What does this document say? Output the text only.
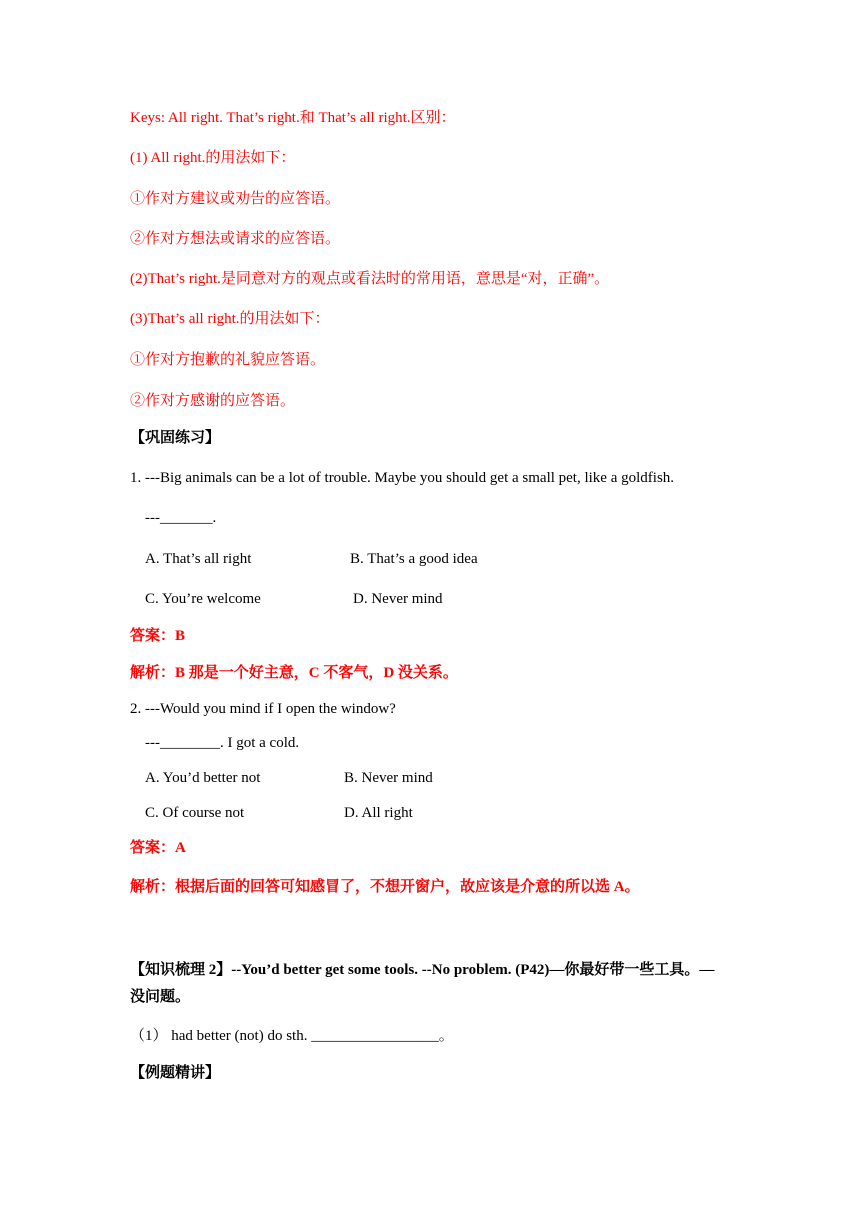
Keys: All right. That’s right.和 That’s all right.区别：
(1) All right.的用法如下：
①作对方建议或劝告的应答语。
②作对方想法或请求的应答语。
(2)That’s right.是同意对方的观点或看法时的常用语，意思是“对，正确”。
(3)That’s all right.的用法如下：
①作对方抱歉的礼貌应答语。
②作对方感谢的应答语。
【巩固练习】
1. ---Big animals can be a lot of trouble. Maybe you should get a small pet, like a goldfish.
---_______.
A. That’s all right	B. That’s a good idea
C. You’re welcome	D. Never mind
答案：B
解析：B 那是一个好主意，C 不客气，D 没关系。
2. ---Would you mind if I open the window?
---________. I got a cold.
A. You’d better not	B. Never mind
C. Of course not	D. All right
答案：A
解析：根据后面的回答可知感冒了，不想开窗户，故应该是介意的所以选 A。
【知识梳理 2】--You’d better get some tools. --No problem. (P42)—你最好带一些工具。—
没问题。
（1） had better (not) do sth. _________________。
【例题精讲】
